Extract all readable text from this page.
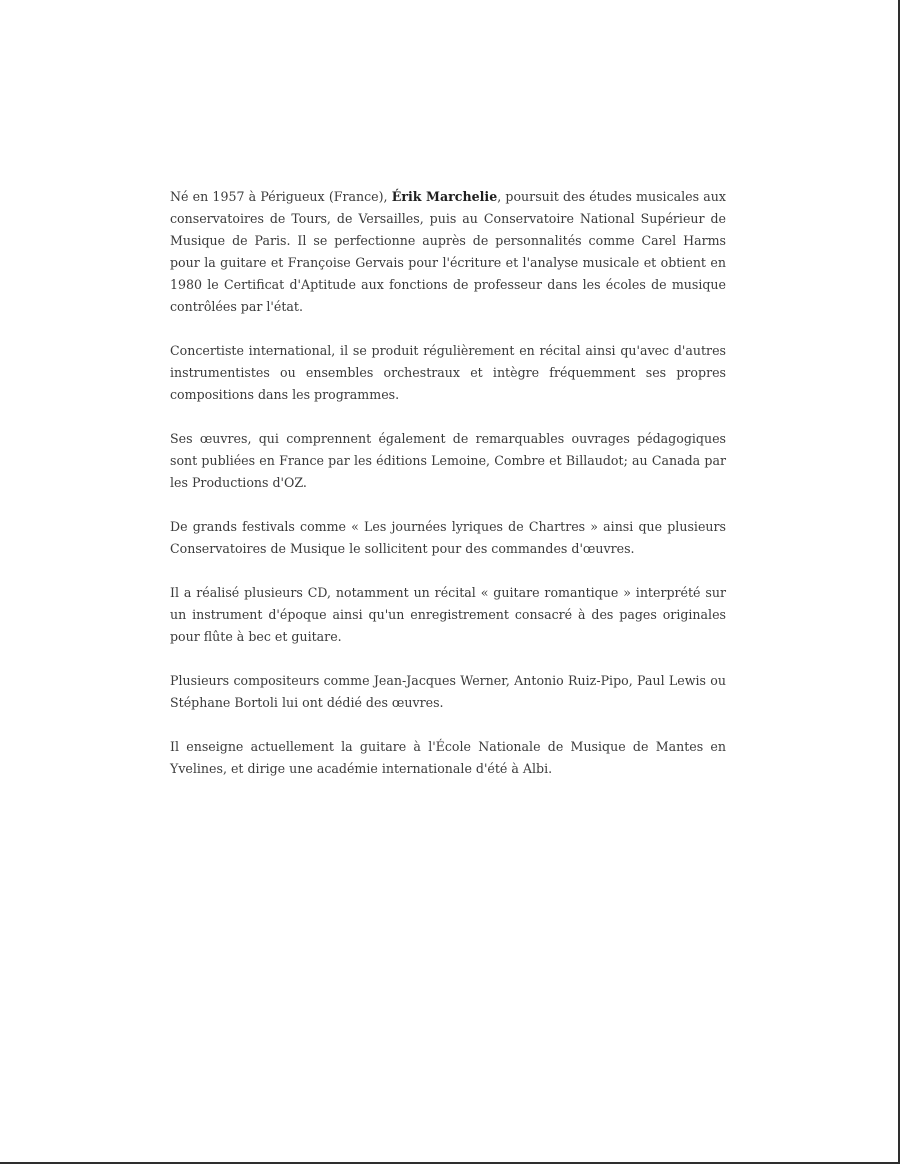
Né en 1957 à Périgueux (France), Érik Marchelie, poursuit des études musicales aux conservatoires de Tours, de Versailles, puis au Conservatoire National Supérieur de Musique de Paris. Il se perfectionne auprès de personnalités comme Carel Harms pour la guitare et Françoise Gervais pour l'écriture et l'analyse musicale et obtient en 1980 le Certificat d'Aptitude aux fonctions de professeur dans les écoles de musique contrôlées par l'état.

Concertiste international, il se produit régulièrement en récital ainsi qu'avec d'autres instrumentistes ou ensembles orchestraux et intègre fréquemment ses propres compositions dans les programmes.

Ses œuvres, qui comprennent également de remarquables ouvrages pédagogiques sont publiées en France par les éditions Lemoine, Combre et Billaudot; au Canada par les Productions d'OZ.

De grands festivals comme « Les journées lyriques de Chartres » ainsi que plusieurs Conservatoires de Musique le sollicitent pour des commandes d'œuvres.

Il a réalisé plusieurs CD, notamment un récital « guitare romantique » interprété sur un instrument d'époque ainsi qu'un enregistrement consacré à des pages originales pour flûte à bec et guitare.

Plusieurs compositeurs comme Jean-Jacques Werner, Antonio Ruiz-Pipo, Paul Lewis ou Stéphane Bortoli lui ont dédié des œuvres.

Il enseigne actuellement la guitare à l'École Nationale de Musique de Mantes en Yvelines, et dirige une académie internationale d'été à Albi.
